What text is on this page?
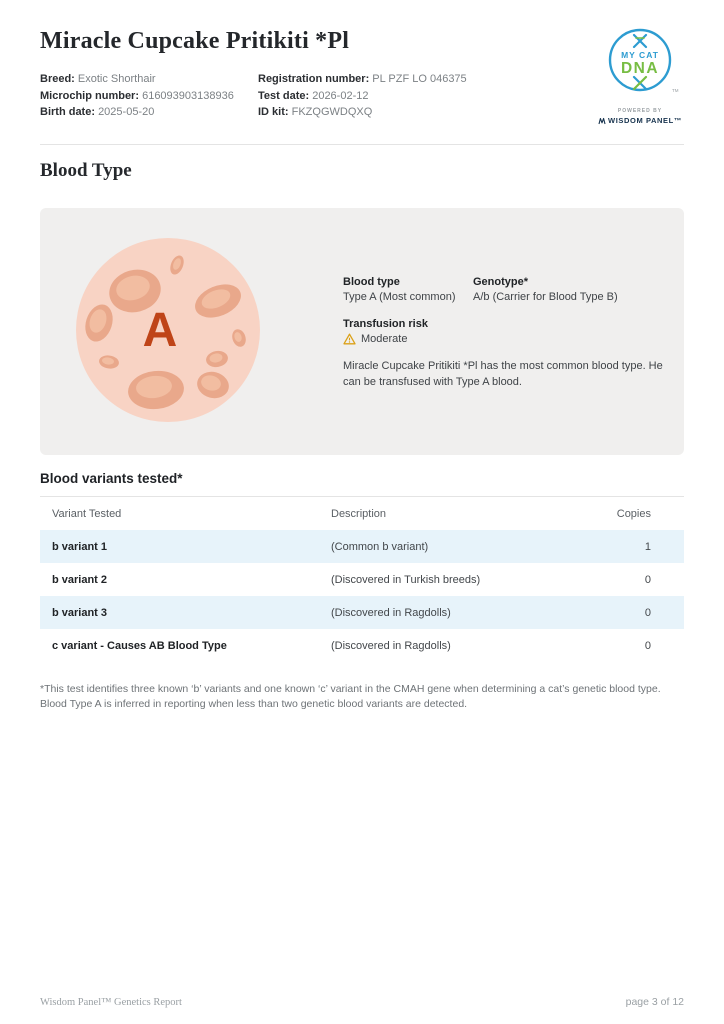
Miracle Cupcake Pritikiti *Pl
Breed: Exotic Shorthair
Microchip number: 616093903138936
Birth date: 2025-05-20
Registration number: PL PZF LO 046375
Test date: 2026-02-12
ID kit: FKZQGWDQXQ
MY CAT
DNA
TM
POWERED BY
WISDOM PANEL™
Blood Type
A
Blood type
Type A (Most common)
Genotype*
A/b (Carrier for Blood Type B)
Transfusion risk
Moderate

Miracle Cupcake Pritikiti *Pl has the most common blood type. He can be transfused with Type A blood.

Blood variants tested*
Variant Tested	Description	Copies
b variant 1	(Common b variant)	1
b variant 2	(Discovered in Turkish breeds)	0
b variant 3	(Discovered in Ragdolls)	0
c variant - Causes AB Blood Type	(Discovered in Ragdolls)	0

*This test identifies three known ‘b’ variants and one known ‘c’ variant in the CMAH gene when determining a cat’s genetic blood type. Blood Type A is inferred in reporting when less than two genetic blood variants are detected.

Wisdom Panel™ Genetics Report	page 3 of 12
